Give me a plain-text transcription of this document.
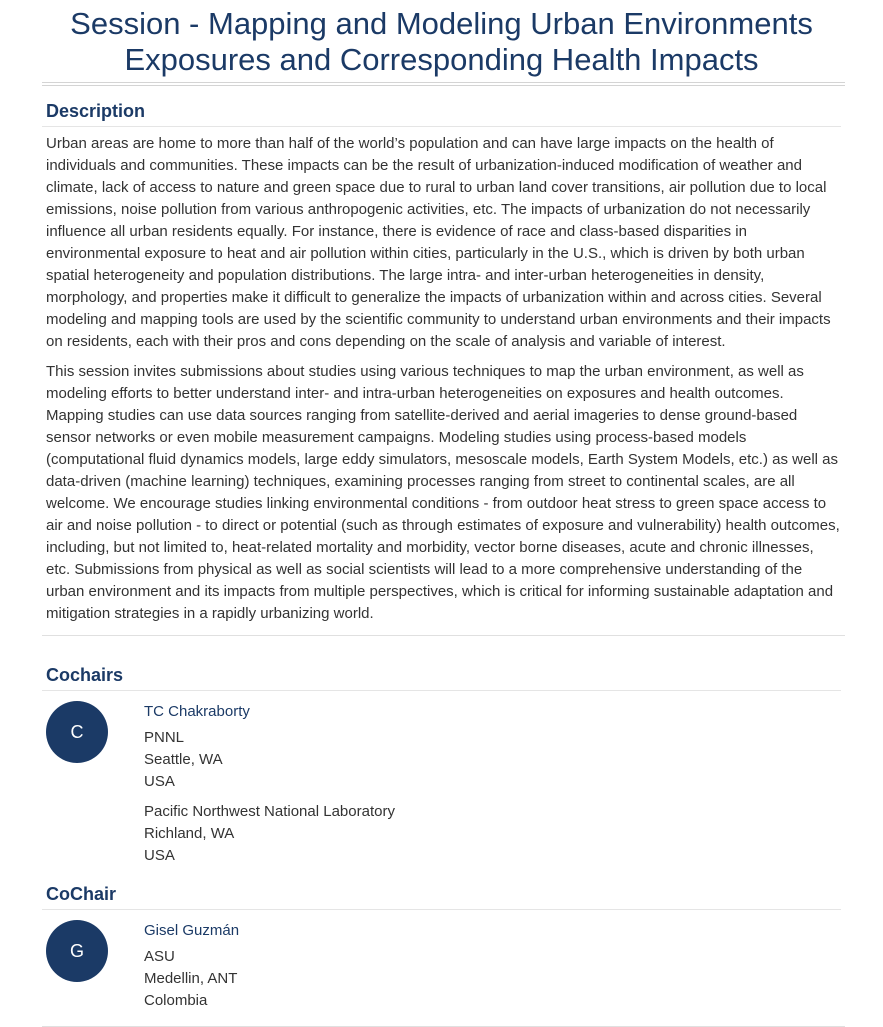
Session - Mapping and Modeling Urban Environments
Exposures and Corresponding Health Impacts
Description

Urban areas are home to more than half of the world’s population and can have large impacts on the health of individuals and communities. These impacts can be the result of urbanization-induced modification of weather and climate, lack of access to nature and green space due to rural to urban land cover transitions, air pollution due to local emissions, noise pollution from various anthropogenic activities, etc. The impacts of urbanization do not necessarily influence all urban residents equally. For instance, there is evidence of race and class-based disparities in environmental exposure to heat and air pollution within cities, particularly in the U.S., which is driven by both urban spatial heterogeneity and population distributions. The large intra- and inter-urban heterogeneities in density, morphology, and properties make it difficult to generalize the impacts of urbanization within and across cities. Several modeling and mapping tools are used by the scientific community to understand urban environments and their impacts on residents, each with their pros and cons depending on the scale of analysis and variable of interest.

This session invites submissions about studies using various techniques to map the urban environment, as well as modeling efforts to better understand inter- and intra-urban heterogeneities on exposures and health outcomes. Mapping studies can use data sources ranging from satellite-derived and aerial imageries to dense ground-based sensor networks or even mobile measurement campaigns. Modeling studies using process-based models (computational fluid dynamics models, large eddy simulators, mesoscale models, Earth System Models, etc.) as well as data-driven (machine learning) techniques, examining processes ranging from street to continental scales, are all welcome. We encourage studies linking environmental conditions - from outdoor heat stress to green space access to air and noise pollution - to direct or potential (such as through estimates of exposure and vulnerability) health outcomes, including, but not limited to, heat-related mortality and morbidity, vector borne diseases, acute and chronic illnesses, etc. Submissions from physical as well as social scientists will lead to a more comprehensive understanding of the urban environment and its impacts from multiple perspectives, which is critical for informing sustainable adaptation and mitigation strategies in a rapidly urbanizing world.

Cochairs
C
TC Chakraborty
PNNL
Seattle, WA
USA
Pacific Northwest National Laboratory
Richland, WA
USA
CoChair
G
Gisel Guzmán
ASU
Medellin, ANT
Colombia
